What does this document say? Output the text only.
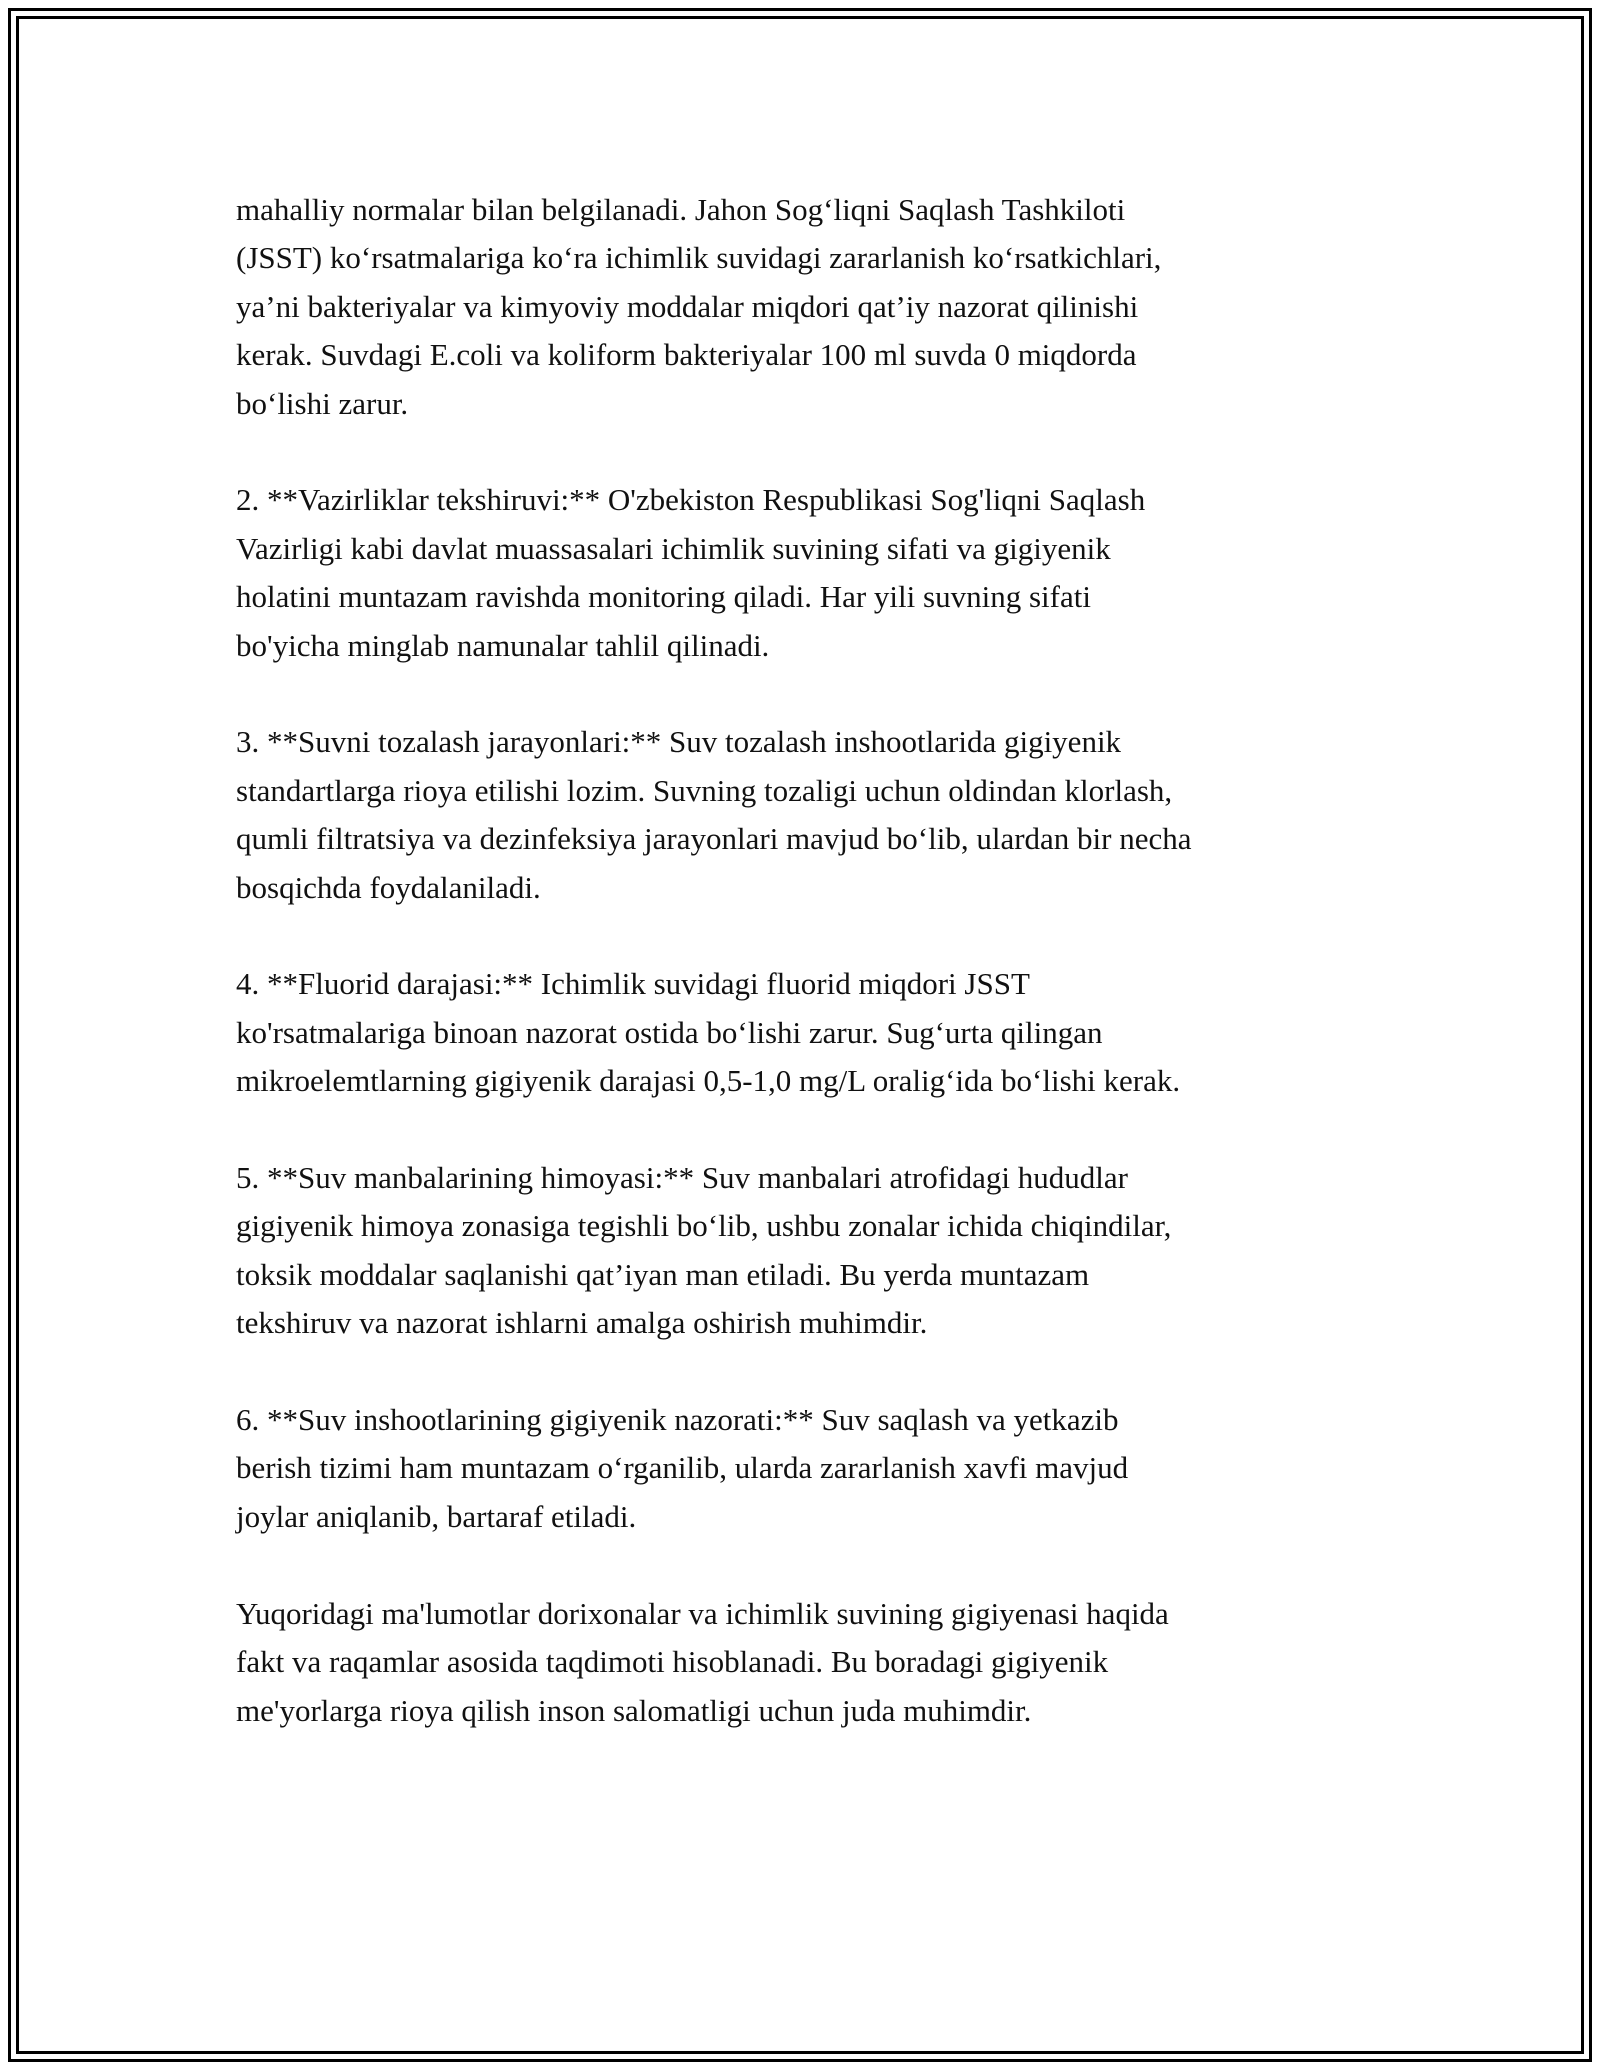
mahalliy normalar bilan belgilanadi. Jahon Sog‘liqni Saqlash Tashkiloti
(JSST) ko‘rsatmalariga ko‘ra ichimlik suvidagi zararlanish ko‘rsatkichlari,
ya’ni bakteriyalar va kimyoviy moddalar miqdori qat’iy nazorat qilinishi
kerak. Suvdagi E.coli va koliform bakteriyalar 100 ml suvda 0 miqdorda
bo‘lishi zarur.

2. **Vazirliklar tekshiruvi:** O'zbekiston Respublikasi Sog'liqni Saqlash
Vazirligi kabi davlat muassasalari ichimlik suvining sifati va gigiyenik
holatini muntazam ravishda monitoring qiladi. Har yili suvning sifati
bo'yicha minglab namunalar tahlil qilinadi.

3. **Suvni tozalash jarayonlari:** Suv tozalash inshootlarida gigiyenik
standartlarga rioya etilishi lozim. Suvning tozaligi uchun oldindan klorlash,
qumli filtratsiya va dezinfeksiya jarayonlari mavjud bo‘lib, ulardan bir necha
bosqichda foydalaniladi.

4. **Fluorid darajasi:** Ichimlik suvidagi fluorid miqdori JSST
ko'rsatmalariga binoan nazorat ostida bo‘lishi zarur. Sug‘urta qilingan
mikroelemtlarning gigiyenik darajasi 0,5-1,0 mg/L oralig‘ida bo‘lishi kerak.

5. **Suv manbalarining himoyasi:** Suv manbalari atrofidagi hududlar
gigiyenik himoya zonasiga tegishli bo‘lib, ushbu zonalar ichida chiqindilar,
toksik moddalar saqlanishi qat’iyan man etiladi. Bu yerda muntazam
tekshiruv va nazorat ishlarni amalga oshirish muhimdir.

6. **Suv inshootlarining gigiyenik nazorati:** Suv saqlash va yetkazib
berish tizimi ham muntazam o‘rganilib, ularda zararlanish xavfi mavjud
joylar aniqlanib, bartaraf etiladi.

Yuqoridagi ma'lumotlar dorixonalar va ichimlik suvining gigiyenasi haqida
fakt va raqamlar asosida taqdimoti hisoblanadi. Bu boradagi gigiyenik
me'yorlarga rioya qilish inson salomatligi uchun juda muhimdir.
